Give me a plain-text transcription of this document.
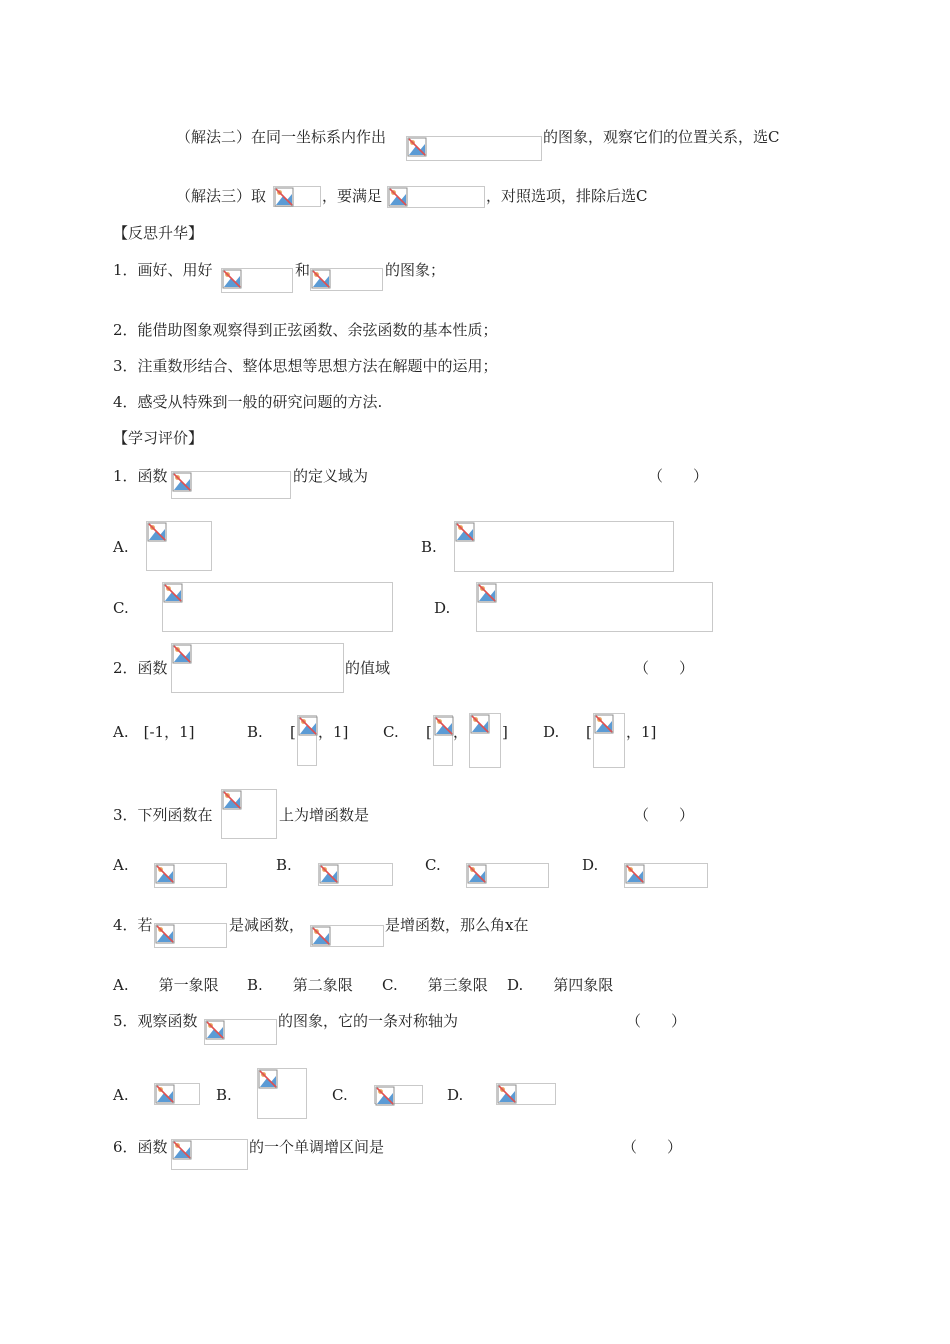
（解法二）在同一坐标系内作出	的图象，观察它们的位置关系，选C
（解法三）取	，要满足	，对照选项，排除后选C
【反思升华】
1．画好、用好	和	的图象；
2．能借助图象观察得到正弦函数、余弦函数的基本性质；
3．注重数形结合、整体思想等思想方法在解题中的运用；
4．感受从特殊到一般的研究问题的方法.
【学习评价】
1．函数	的定义域为	（　　）
A.	B.
C.	D.
2．函数	的值域	（　　）
A.　[-1，1]	B. [ ，1] C. [ ， ] D. [ ，1]
3．下列函数在	上为增函数是	（　　）
A.	B.	C.	D.
4．若	是减函数，	是增函数，那么角x在
A.　　第一象限 B.　　第二象限 C.　　第三象限 D.　　第四象限
5．观察函数	的图象，它的一条对称轴为	（　　）
A.	B.	C.	D.
6．函数	的一个单调增区间是	（　　）
